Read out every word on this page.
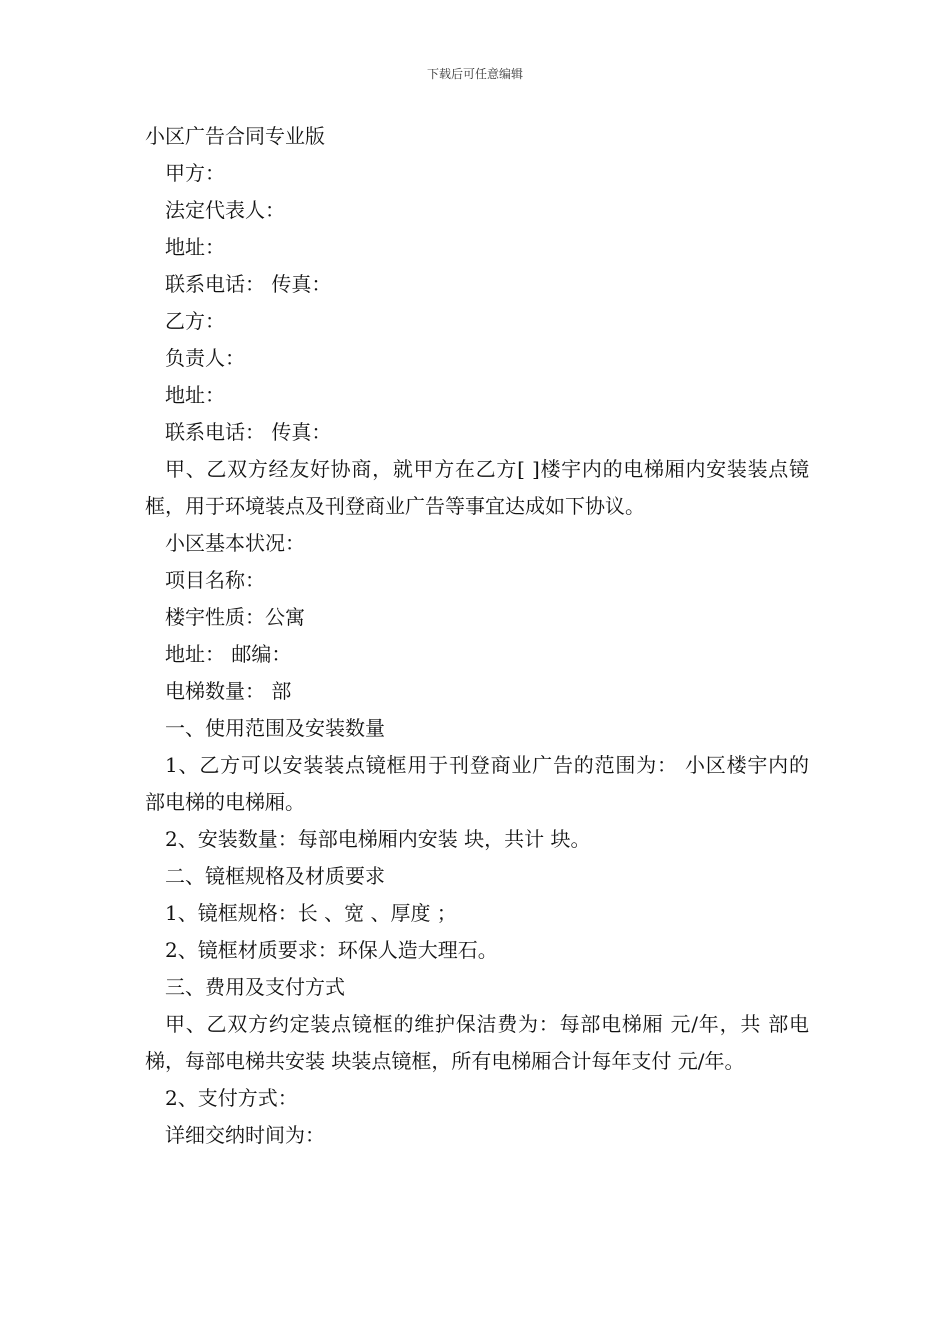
下载后可任意编辑
小区广告合同专业版
甲方：
法定代表人：
地址：
联系电话： 传真：
乙方：
负责人：
地址：
联系电话： 传真：

甲、乙双方经友好协商，就甲方在乙方[ ]楼宇内的电梯厢内安装装点镜框，用于环境装点及刊登商业广告等事宜达成如下协议。

小区基本状况：
项目名称：
楼宇性质：公寓
地址： 邮编：
电梯数量： 部
一、使用范围及安装数量

1、乙方可以安装装点镜框用于刊登商业广告的范围为： 小区楼宇内的 部电梯的电梯厢。

2、安装数量：每部电梯厢内安装 块，共计 块。
二、镜框规格及材质要求
1、镜框规格：长 、宽 、厚度 ；
2、镜框材质要求：环保人造大理石。
三、费用及支付方式

甲、乙双方约定装点镜框的维护保洁费为：每部电梯厢 元/年，共 部电梯，每部电梯共安装 块装点镜框，所有电梯厢合计每年支付 元/年。

2、支付方式：
详细交纳时间为：
